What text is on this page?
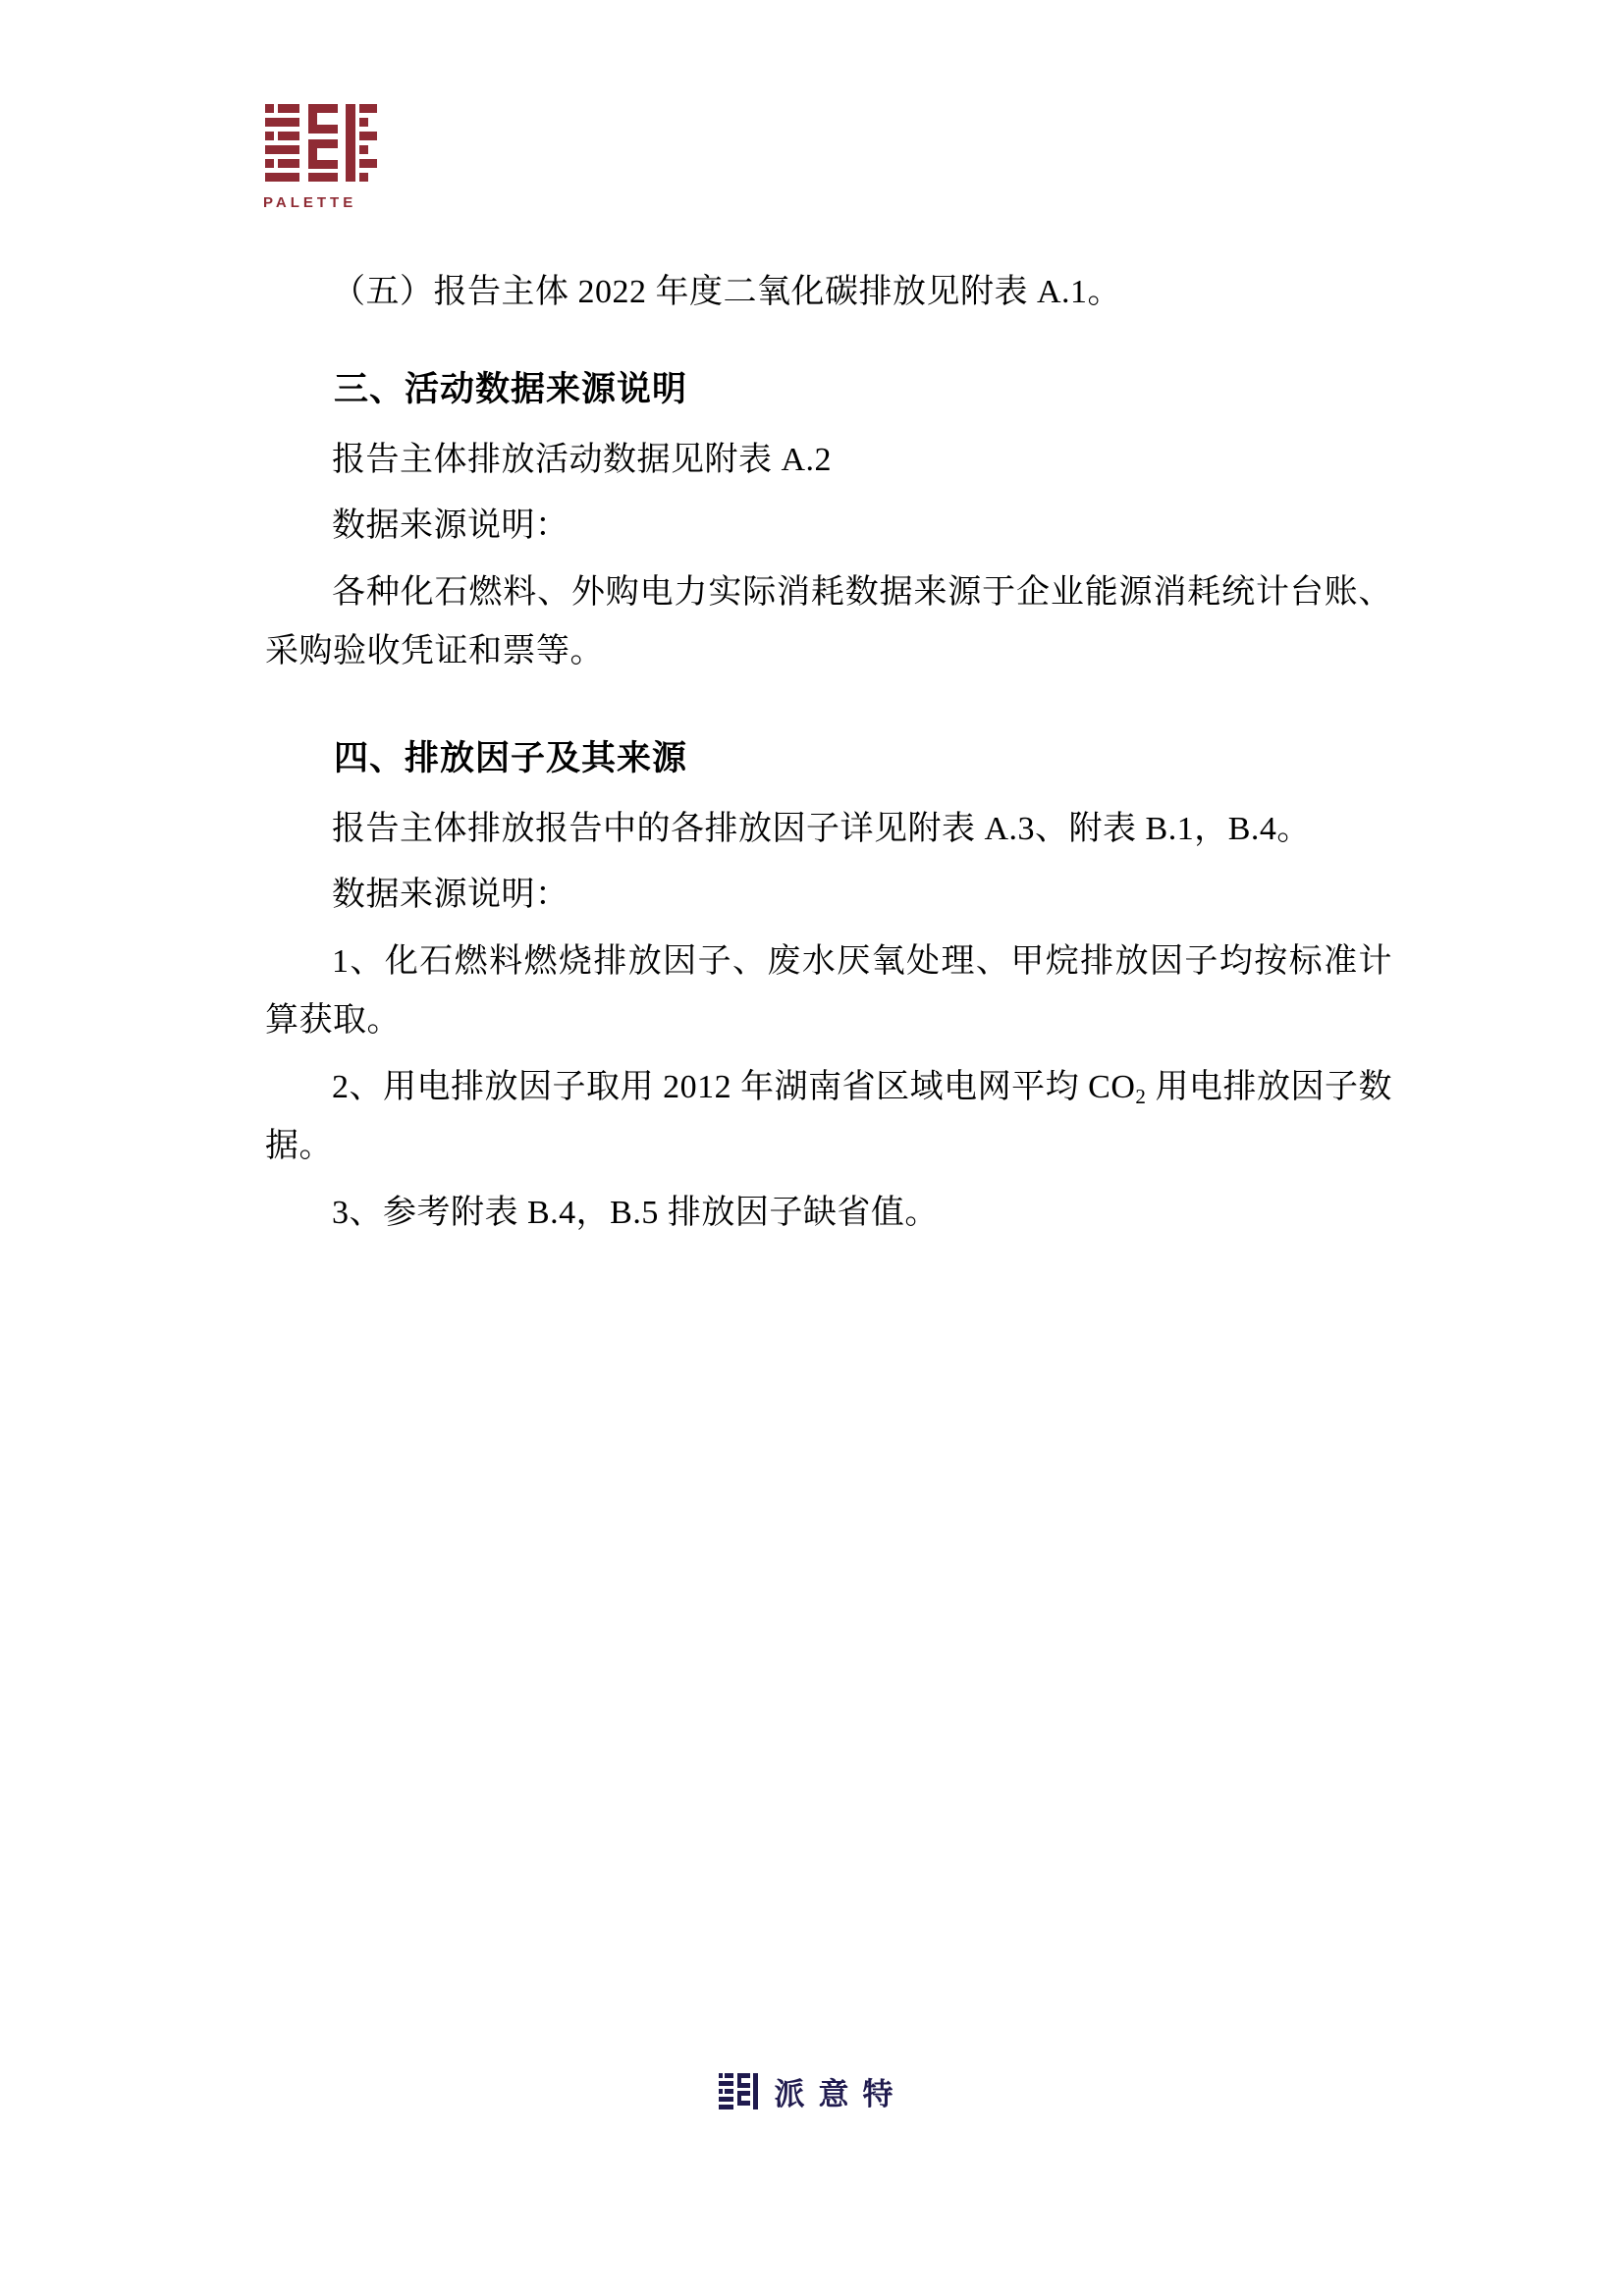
PALETTE

（五）报告主体 2022 年度二氧化碳排放见附表 A.1。

三、活动数据来源说明

报告主体排放活动数据见附表 A.2

数据来源说明：

各种化石燃料、外购电力实际消耗数据来源于企业能源消耗统计台账、采购验收凭证和票等。

四、排放因子及其来源

报告主体排放报告中的各排放因子详见附表 A.3、附表 B.1，B.4。

数据来源说明：

1、化石燃料燃烧排放因子、废水厌氧处理、甲烷排放因子均按标准计算获取。

2、用电排放因子取用 2012 年湖南省区域电网平均 $CO_2$ 用电排放因子数据。

3、参考附表 B.4，B.5 排放因子缺省值。

派意特
